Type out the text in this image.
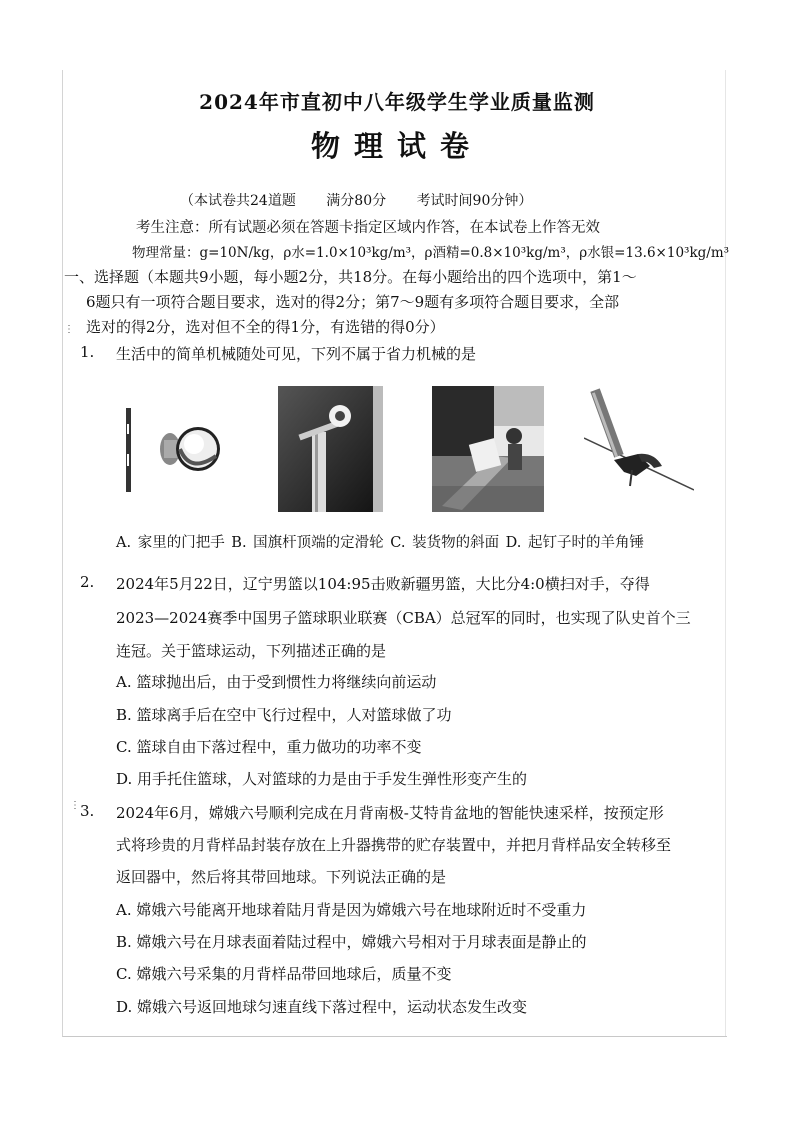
2024年市直初中八年级学生学业质量监测
物理试卷
（本试卷共24道题 满分80分 考试时间90分钟）
考生注意：所有试题必须在答题卡指定区域内作答，在本试卷上作答无效
物理常量：g=10N/kg，ρ水=1.0×10³kg/m³，ρ酒精=0.8×10³kg/m³，ρ水银=13.6×10³kg/m³

一、选择题（本题共9小题，每小题2分，共18分。在每小题给出的四个选项中，第1～

6题只有一项符合题目要求，选对的得2分；第7～9题有多项符合题目要求，全部

选对的得2分，选对但不全的得1分，有选错的得0分）

⋮
1. 生活中的简单机械随处可见，下列不属于省力机械的是
A. 家里的门把手 B. 国旗杆顶端的定滑轮 C. 装货物的斜面 D. 起钉子时的羊角锤
2. 2024年5月22日，辽宁男篮以104:95击败新疆男篮，大比分4:0横扫对手，夺得
2023—2024赛季中国男子篮球职业联赛（CBA）总冠军的同时，也实现了队史首个三
连冠。关于篮球运动，下列描述正确的是
A. 篮球抛出后，由于受到惯性力将继续向前运动
B. 篮球离手后在空中飞行过程中，人对篮球做了功
C. 篮球自由下落过程中，重力做功的功率不变
D. 用手托住篮球，人对篮球的力是由于手发生弹性形变产生的
⋮ 3. 2024年6月，嫦娥六号顺利完成在月背南极-艾特肯盆地的智能快速采样，按预定形
式将珍贵的月背样品封装存放在上升器携带的贮存装置中，并把月背样品安全转移至
返回器中，然后将其带回地球。下列说法正确的是
A. 嫦娥六号能离开地球着陆月背是因为嫦娥六号在地球附近时不受重力
B. 嫦娥六号在月球表面着陆过程中，嫦娥六号相对于月球表面是静止的
C. 嫦娥六号采集的月背样品带回地球后，质量不变
D. 嫦娥六号返回地球匀速直线下落过程中，运动状态发生改变
